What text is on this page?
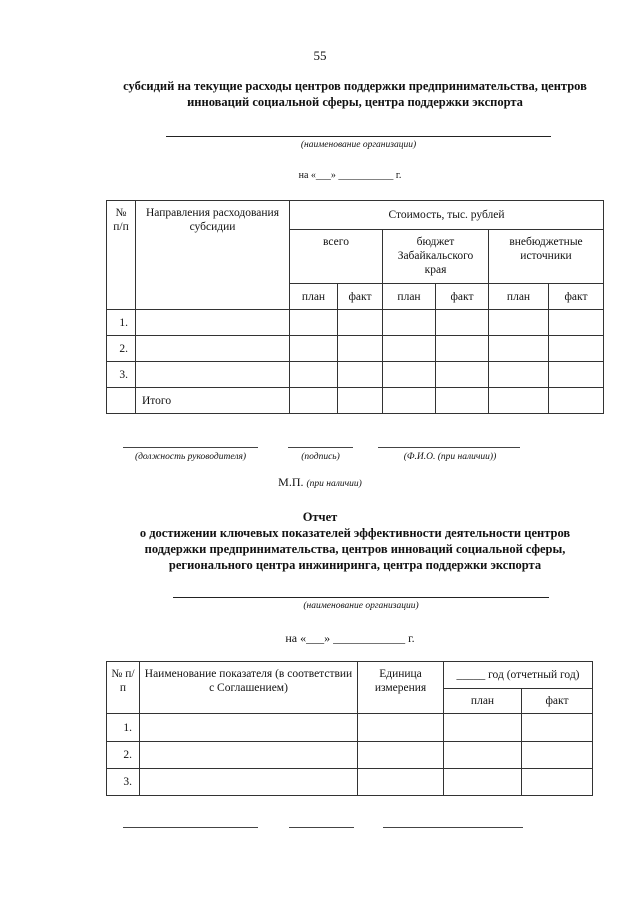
55
субсидий на текущие расходы центров поддержки предпринимательства, центров
инноваций социальной сферы, центра поддержки экспорта
(наименование организации)
на «___» ___________ г.
№ п/п	Направления расходования субсидии	Стоимость, тыс. рублей					
		всего		бюджет Забайкальского края		внебюджетные источники	
		план	факт	план	факт	план	факт
1.							
2.							
3.							
	Итого						
(должность руководителя)	(подпись)	(Ф.И.О. (при наличии))
М.П. (при наличии)
Отчет
о достижении ключевых показателей эффективности деятельности центров
поддержки предпринимательства, центров инноваций социальной сферы,
регионального центра инжиниринга, центра поддержки экспорта
(наименование организации)
на «___» ____________ г.
№ п/п	Наименование показателя (в соответствии с Соглашением)	Единица измерения	_____ год (отчетный год)	
			план	факт
1.				
2.				
3.				
